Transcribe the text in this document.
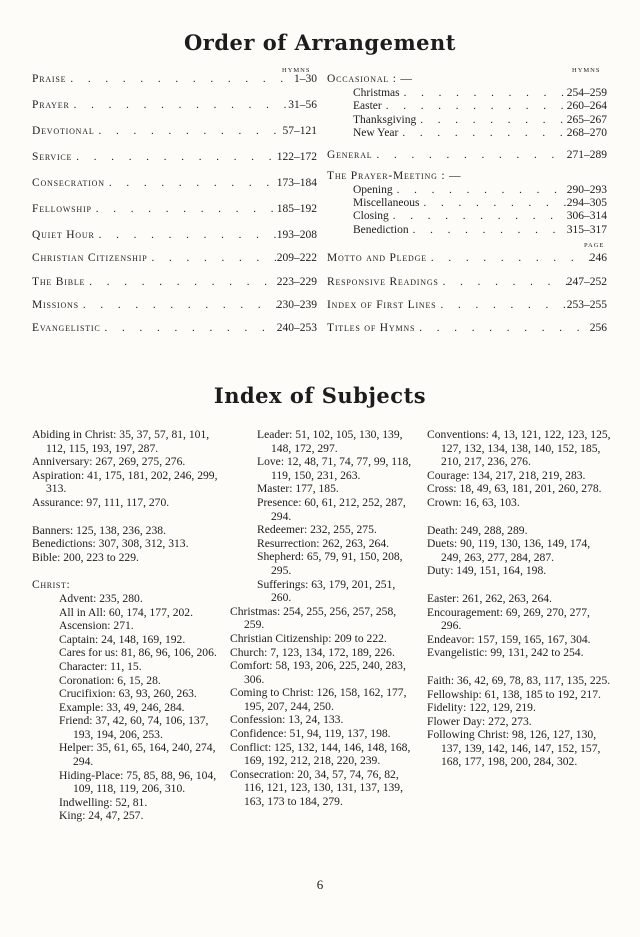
Order of Arrangement
HYMNS	HYMNS
Praise . . .	1–30
Prayer . . .	31–56
Devotional . . .	57–121
Service . . .	122–172
Consecration . . .	173–184
Fellowship . . .	185–192
Quiet Hour . . .	193–208
Christian Citizenship . . .	209–222
The Bible . . .	223–229
Missions . . .	230–239
Evangelistic . . .	240–253
Occasional : —
Christmas . . .	254–259
Easter . . .	260–264
Thanksgiving . . .	265–267
New Year . . .	268–270
General . . .	271–289
The Prayer-Meeting : —
Opening . . .	290–293
Miscellaneous . . .	294–305
Closing . . .	306–314
Benediction . . .	315–317
PAGE
Motto and Pledge . . .	246
Responsive Readings . . .	247–252
Index of First Lines . . .	253–255
Titles of Hymns . . .	256
Index of Subjects
Abiding in Christ: 35, 37, 57, 81, 101, 112, 115, 193, 197, 287.
Anniversary: 267, 269, 275, 276.
Aspiration: 41, 175, 181, 202, 246, 299, 313.
Assurance: 97, 111, 117, 270.
Banners: 125, 138, 236, 238.
Benedictions: 307, 308, 312, 313.
Bible: 200, 223 to 229.
Christ:
Advent: 235, 280.
All in All: 60, 174, 177, 202.
Ascension: 271.
Captain: 24, 148, 169, 192.
Cares for us: 81, 86, 96, 106, 206.
Character: 11, 15.
Coronation: 6, 15, 28.
Crucifixion: 63, 93, 260, 263.
Example: 33, 49, 246, 284.
Friend: 37, 42, 60, 74, 106, 137, 193, 194, 206, 253.
Helper: 35, 61, 65, 164, 240, 274, 294.
Hiding-Place: 75, 85, 88, 96, 104, 109, 118, 119, 206, 310.
Indwelling: 52, 81.
King: 24, 47, 257.
Leader: 51, 102, 105, 130, 139, 148, 172, 297.
Love: 12, 48, 71, 74, 77, 99, 118, 119, 150, 231, 263.
Master: 177, 185.
Presence: 60, 61, 212, 252, 287, 294.
Redeemer: 232, 255, 275.
Resurrection: 262, 263, 264.
Shepherd: 65, 79, 91, 150, 208, 295.
Sufferings: 63, 179, 201, 251, 260.
Christmas: 254, 255, 256, 257, 258, 259.
Christian Citizenship: 209 to 222.
Church: 7, 123, 134, 172, 189, 226.
Comfort: 58, 193, 206, 225, 240, 283, 306.
Coming to Christ: 126, 158, 162, 177, 195, 207, 244, 250.
Confession: 13, 24, 133.
Confidence: 51, 94, 119, 137, 198.
Conflict: 125, 132, 144, 146, 148, 168, 169, 192, 212, 218, 220, 239.
Consecration: 20, 34, 57, 74, 76, 82, 116, 121, 123, 130, 131, 137, 139, 163, 173 to 184, 279.
Conventions: 4, 13, 121, 122, 123, 125, 127, 132, 134, 138, 140, 152, 185, 210, 217, 236, 276.
Courage: 134, 217, 218, 219, 283.
Cross: 18, 49, 63, 181, 201, 260, 278.
Crown: 16, 63, 103.
Death: 249, 288, 289.
Duets: 90, 119, 130, 136, 149, 174, 249, 263, 277, 284, 287.
Duty: 149, 151, 164, 198.
Easter: 261, 262, 263, 264.
Encouragement: 69, 269, 270, 277, 296.
Endeavor: 157, 159, 165, 167, 304.
Evangelistic: 99, 131, 242 to 254.
Faith: 36, 42, 69, 78, 83, 117, 135, 225.
Fellowship: 61, 138, 185 to 192, 217.
Fidelity: 122, 129, 219.
Flower Day: 272, 273.
Following Christ: 98, 126, 127, 130, 137, 139, 142, 146, 147, 152, 157, 168, 177, 198, 200, 284, 302.
6
